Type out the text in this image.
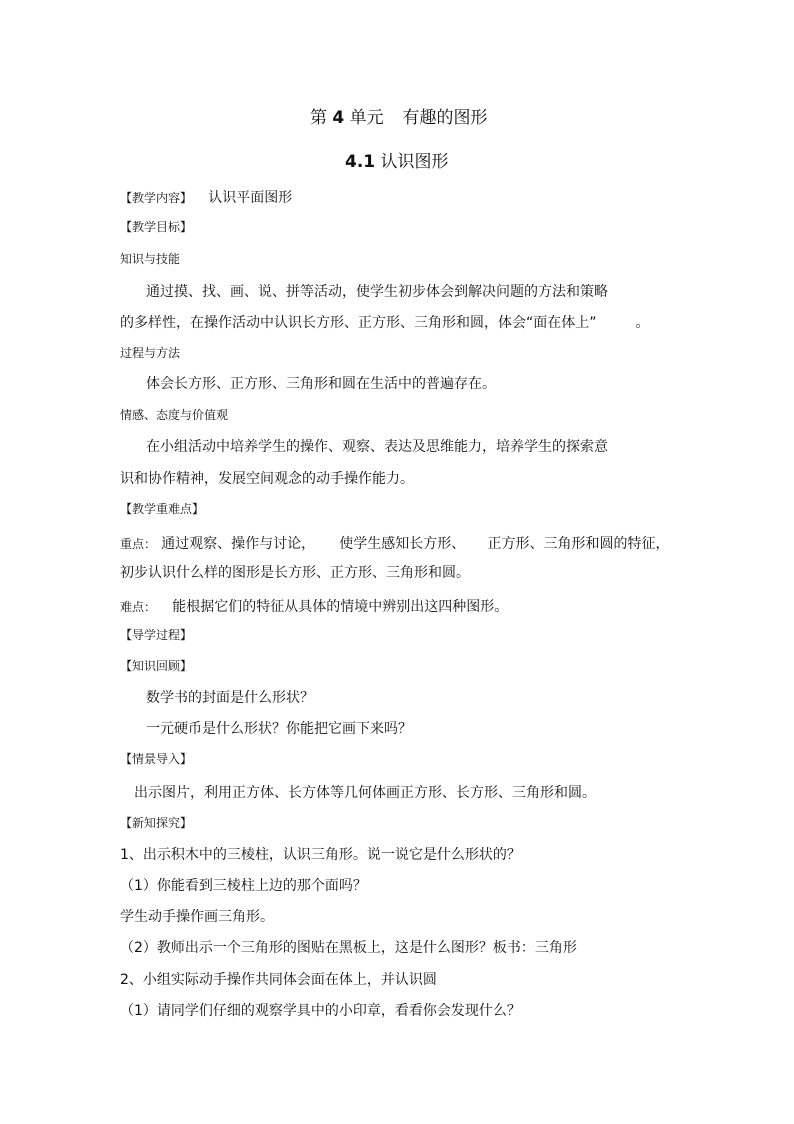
第 4 单元 有趣的图形
4.1 认识图形
【教学内容】 认识平面图形
【教学目标】
知识与技能
通过摸、找、画、说、拼等活动，使学生初步体会到解决问题的方法和策略
的多样性，在操作活动中认识长方形、正方形、三角形和圆，体会“面在体上”	。
过程与方法
体会长方形、正方形、三角形和圆在生活中的普遍存在。
情感、态度与价值观
在小组活动中培养学生的操作、观察、表达及思维能力，培养学生的探索意
识和协作精神，发展空间观念的动手操作能力。
【教学重难点】
重点： 通过观察、操作与讨论， 使学生感知长方形、 正方形、三角形和圆的特征，
初步认识什么样的图形是长方形、正方形、三角形和圆。
难点： 能根据它们的特征从具体的情境中辨别出这四种图形。
【导学过程】
【知识回顾】
数学书的封面是什么形状？
一元硬币是什么形状？你能把它画下来吗？
【情景导入】
出示图片，利用正方体、长方体等几何体画正方形、长方形、三角形和圆。
【新知探究】
1、出示积木中的三棱柱，认识三角形。说一说它是什么形状的？
（1）你能看到三棱柱上边的那个面吗？
学生动手操作画三角形。
（2）教师出示一个三角形的图贴在黑板上，这是什么图形？板书：三角形
2、小组实际动手操作共同体会面在体上，并认识圆
（1）请同学们仔细的观察学具中的小印章，看看你会发现什么？
